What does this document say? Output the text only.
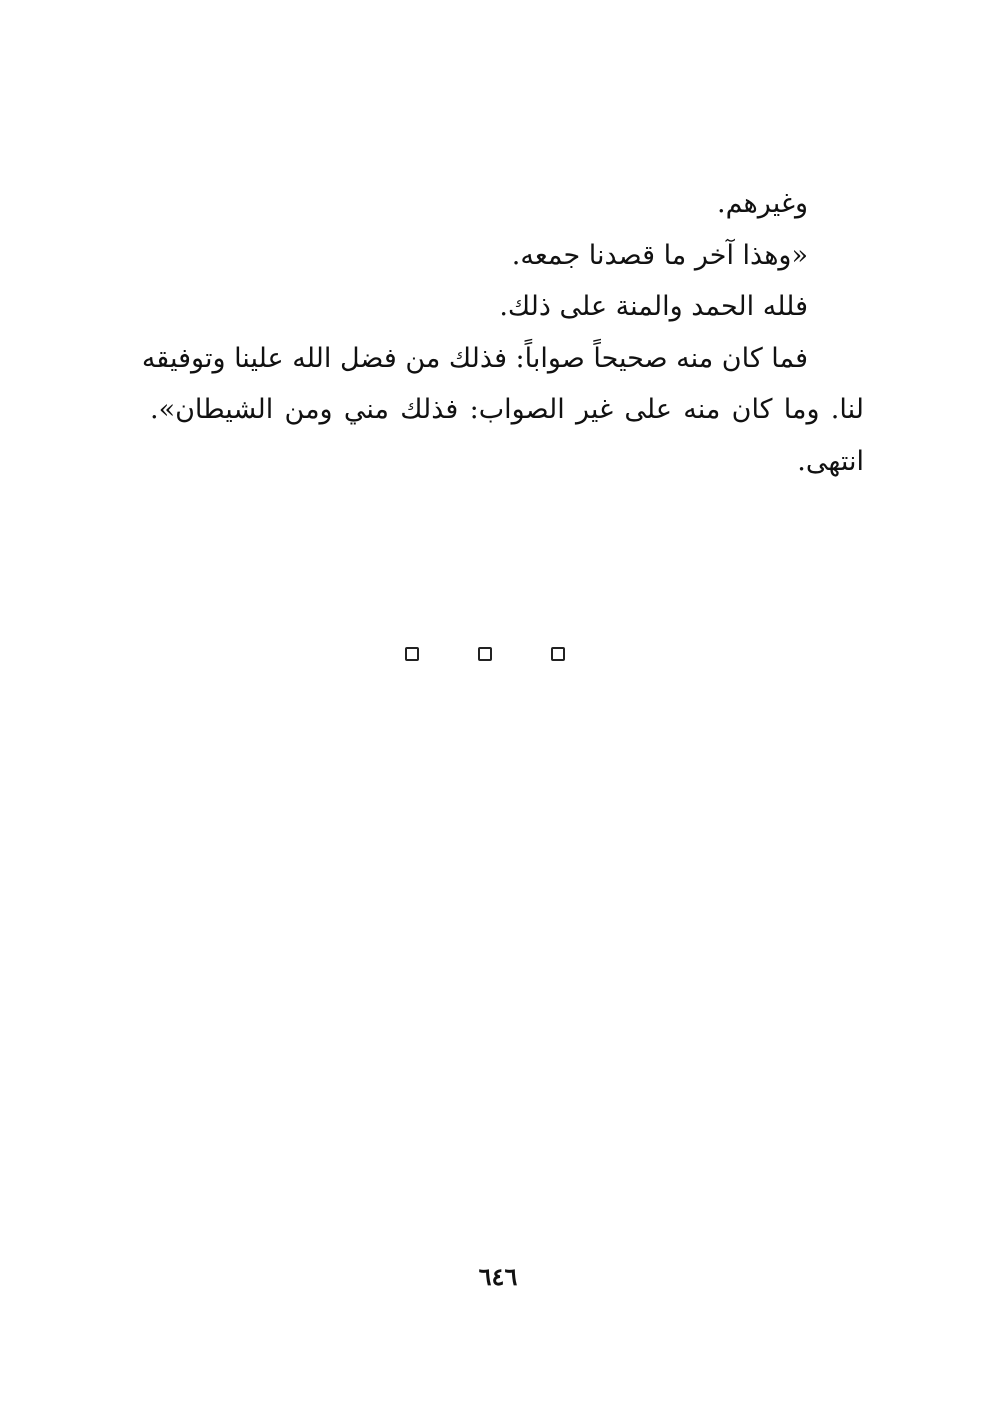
وغيرهم.
«وهذا آخر ما قصدنا جمعه.
فلله الحمد والمنة على ذلك.
فما كان منه صحيحاً صواباً: فذلك من فضل الله علينا وتوفيقه
لنا. وما كان منه على غير الصواب: فذلك مني ومن الشيطان».
انتهى.
٦٤٦
